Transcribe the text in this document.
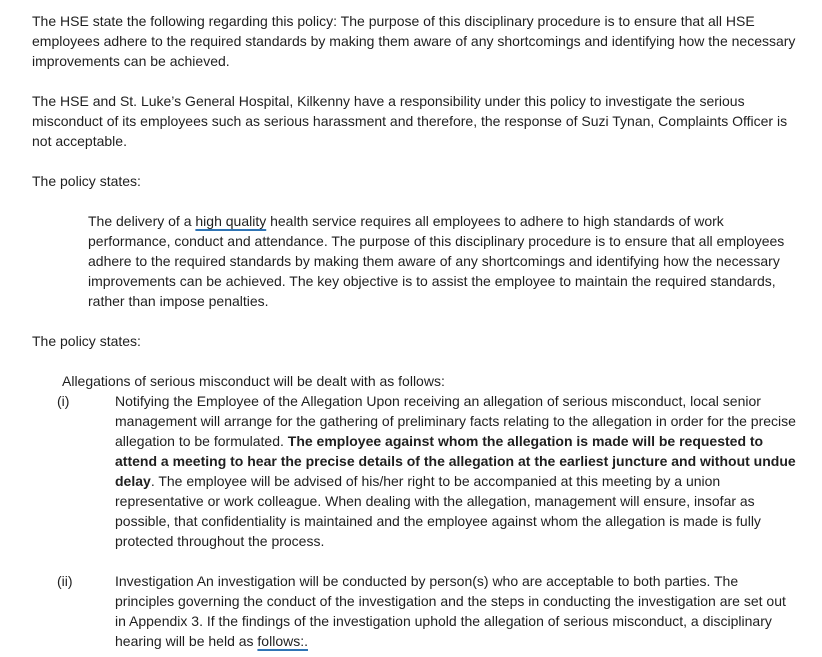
The HSE state the following regarding this policy: The purpose of this disciplinary procedure is to ensure that all HSE employees adhere to the required standards by making them aware of any shortcomings and identifying how the necessary improvements can be achieved.

The HSE and St. Luke’s General Hospital, Kilkenny have a responsibility under this policy to investigate the serious misconduct of its employees such as serious harassment and therefore, the response of Suzi Tynan, Complaints Officer is not acceptable.

The policy states:

The delivery of a high quality health service requires all employees to adhere to high standards of work performance, conduct and attendance. The purpose of this disciplinary procedure is to ensure that all employees adhere to the required standards by making them aware of any shortcomings and identifying how the necessary improvements can be achieved. The key objective is to assist the employee to maintain the required standards, rather than impose penalties.

The policy states:

Allegations of serious misconduct will be dealt with as follows:

(i)	Notifying the Employee of the Allegation Upon receiving an allegation of serious misconduct, local senior management will arrange for the gathering of preliminary facts relating to the allegation in order for the precise allegation to be formulated. The employee against whom the allegation is made will be requested to attend a meeting to hear the precise details of the allegation at the earliest juncture and without undue delay. The employee will be advised of his/her right to be accompanied at this meeting by a union representative or work colleague. When dealing with the allegation, management will ensure, insofar as possible, that confidentiality is maintained and the employee against whom the allegation is made is fully protected throughout the process.
(ii)	Investigation An investigation will be conducted by person(s) who are acceptable to both parties. The principles governing the conduct of the investigation and the steps in conducting the investigation are set out in Appendix 3. If the findings of the investigation uphold the allegation of serious misconduct, a disciplinary hearing will be held as follows:.
